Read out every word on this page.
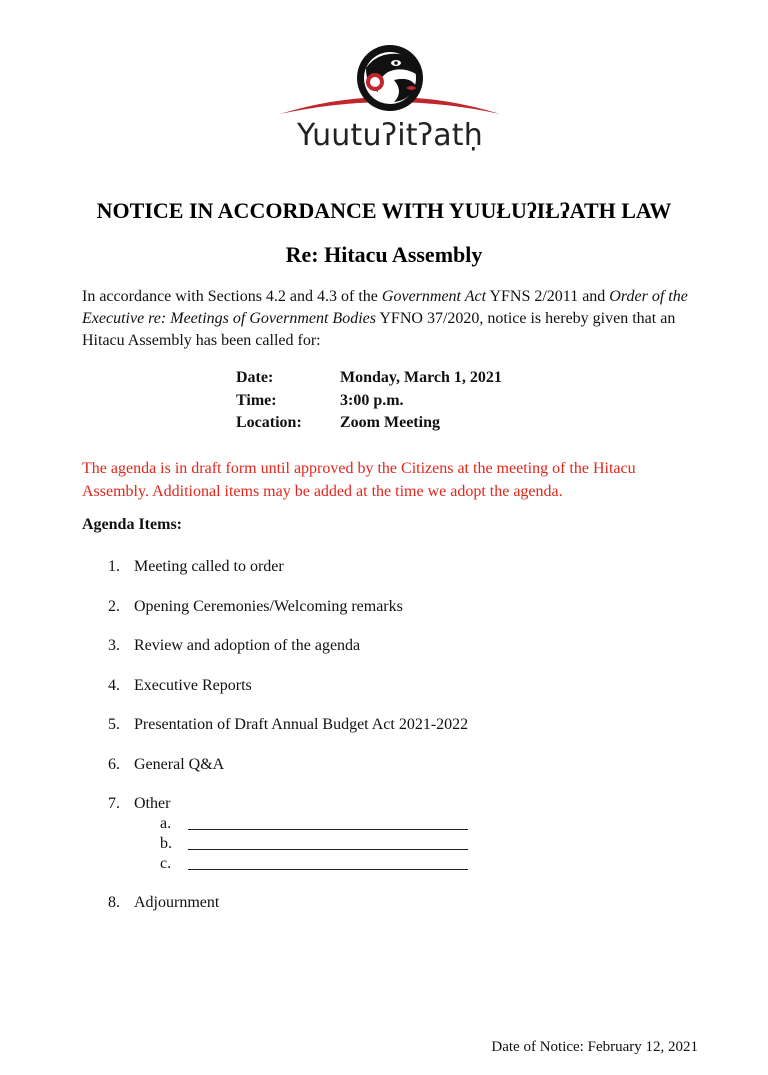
Yuutuʔitʔatḥ
NOTICE IN ACCORDANCE WITH YUUŁUʔIŁʔATH LAW
Re: Hitacu Assembly
In accordance with Sections 4.2 and 4.3 of the Government Act YFNS 2/2011 and Order of the Executive re: Meetings of Government Bodies YFNO 37/2020, notice is hereby given that an Hitacu Assembly has been called for:
Date:	Monday, March 1, 2021
Time:	3:00 p.m.
Location:	Zoom Meeting
The agenda is in draft form until approved by the Citizens at the meeting of the Hitacu Assembly. Additional items may be added at the time we adopt the agenda.
Agenda Items:
1. Meeting called to order
2. Opening Ceremonies/Welcoming remarks
3. Review and adoption of the agenda
4. Executive Reports
5. Presentation of Draft Annual Budget Act 2021-2022
6. General Q&A
7. Other
a.
b.
c.
8. Adjournment
Date of Notice: February 12, 2021
